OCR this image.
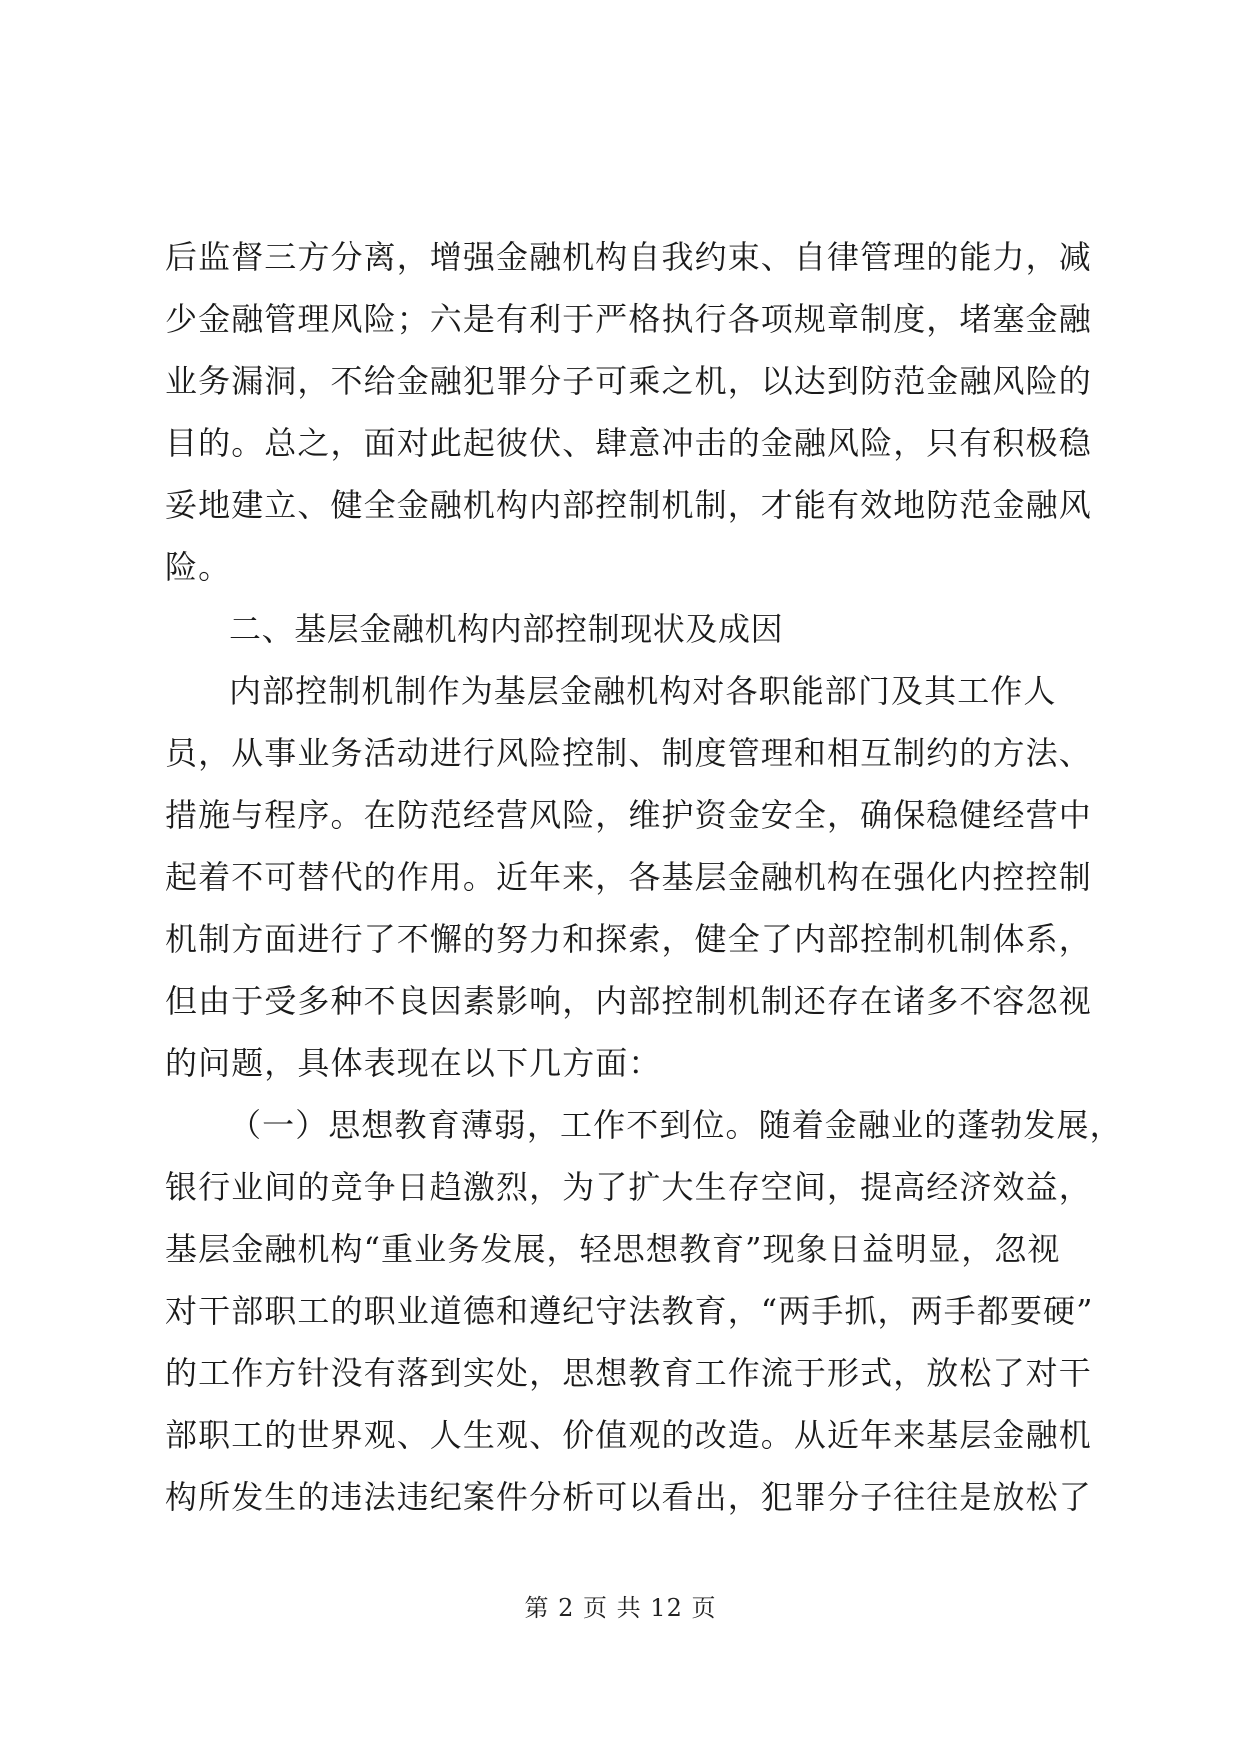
后监督三方分离，增强金融机构自我约束、自律管理的能力，减
少金融管理风险；六是有利于严格执行各项规章制度，堵塞金融
业务漏洞，不给金融犯罪分子可乘之机，以达到防范金融风险的
目的。总之，面对此起彼伏、肆意冲击的金融风险，只有积极稳
妥地建立、健全金融机构内部控制机制，才能有效地防范金融风
险。
二、基层金融机构内部控制现状及成因
内部控制机制作为基层金融机构对各职能部门及其工作人
员，从事业务活动进行风险控制、制度管理和相互制约的方法、
措施与程序。在防范经营风险，维护资金安全，确保稳健经营中
起着不可替代的作用。近年来，各基层金融机构在强化内控控制
机制方面进行了不懈的努力和探索，健全了内部控制机制体系，
但由于受多种不良因素影响，内部控制机制还存在诸多不容忽视
的问题，具体表现在以下几方面：
（一）思想教育薄弱，工作不到位。随着金融业的蓬勃发展，
银行业间的竞争日趋激烈，为了扩大生存空间，提高经济效益，
基层金融机构“重业务发展，轻思想教育”现象日益明显，忽视
对干部职工的职业道德和遵纪守法教育，“两手抓，两手都要硬”
的工作方针没有落到实处，思想教育工作流于形式，放松了对干
部职工的世界观、人生观、价值观的改造。从近年来基层金融机
构所发生的违法违纪案件分析可以看出，犯罪分子往往是放松了
第 2 页 共 12 页
